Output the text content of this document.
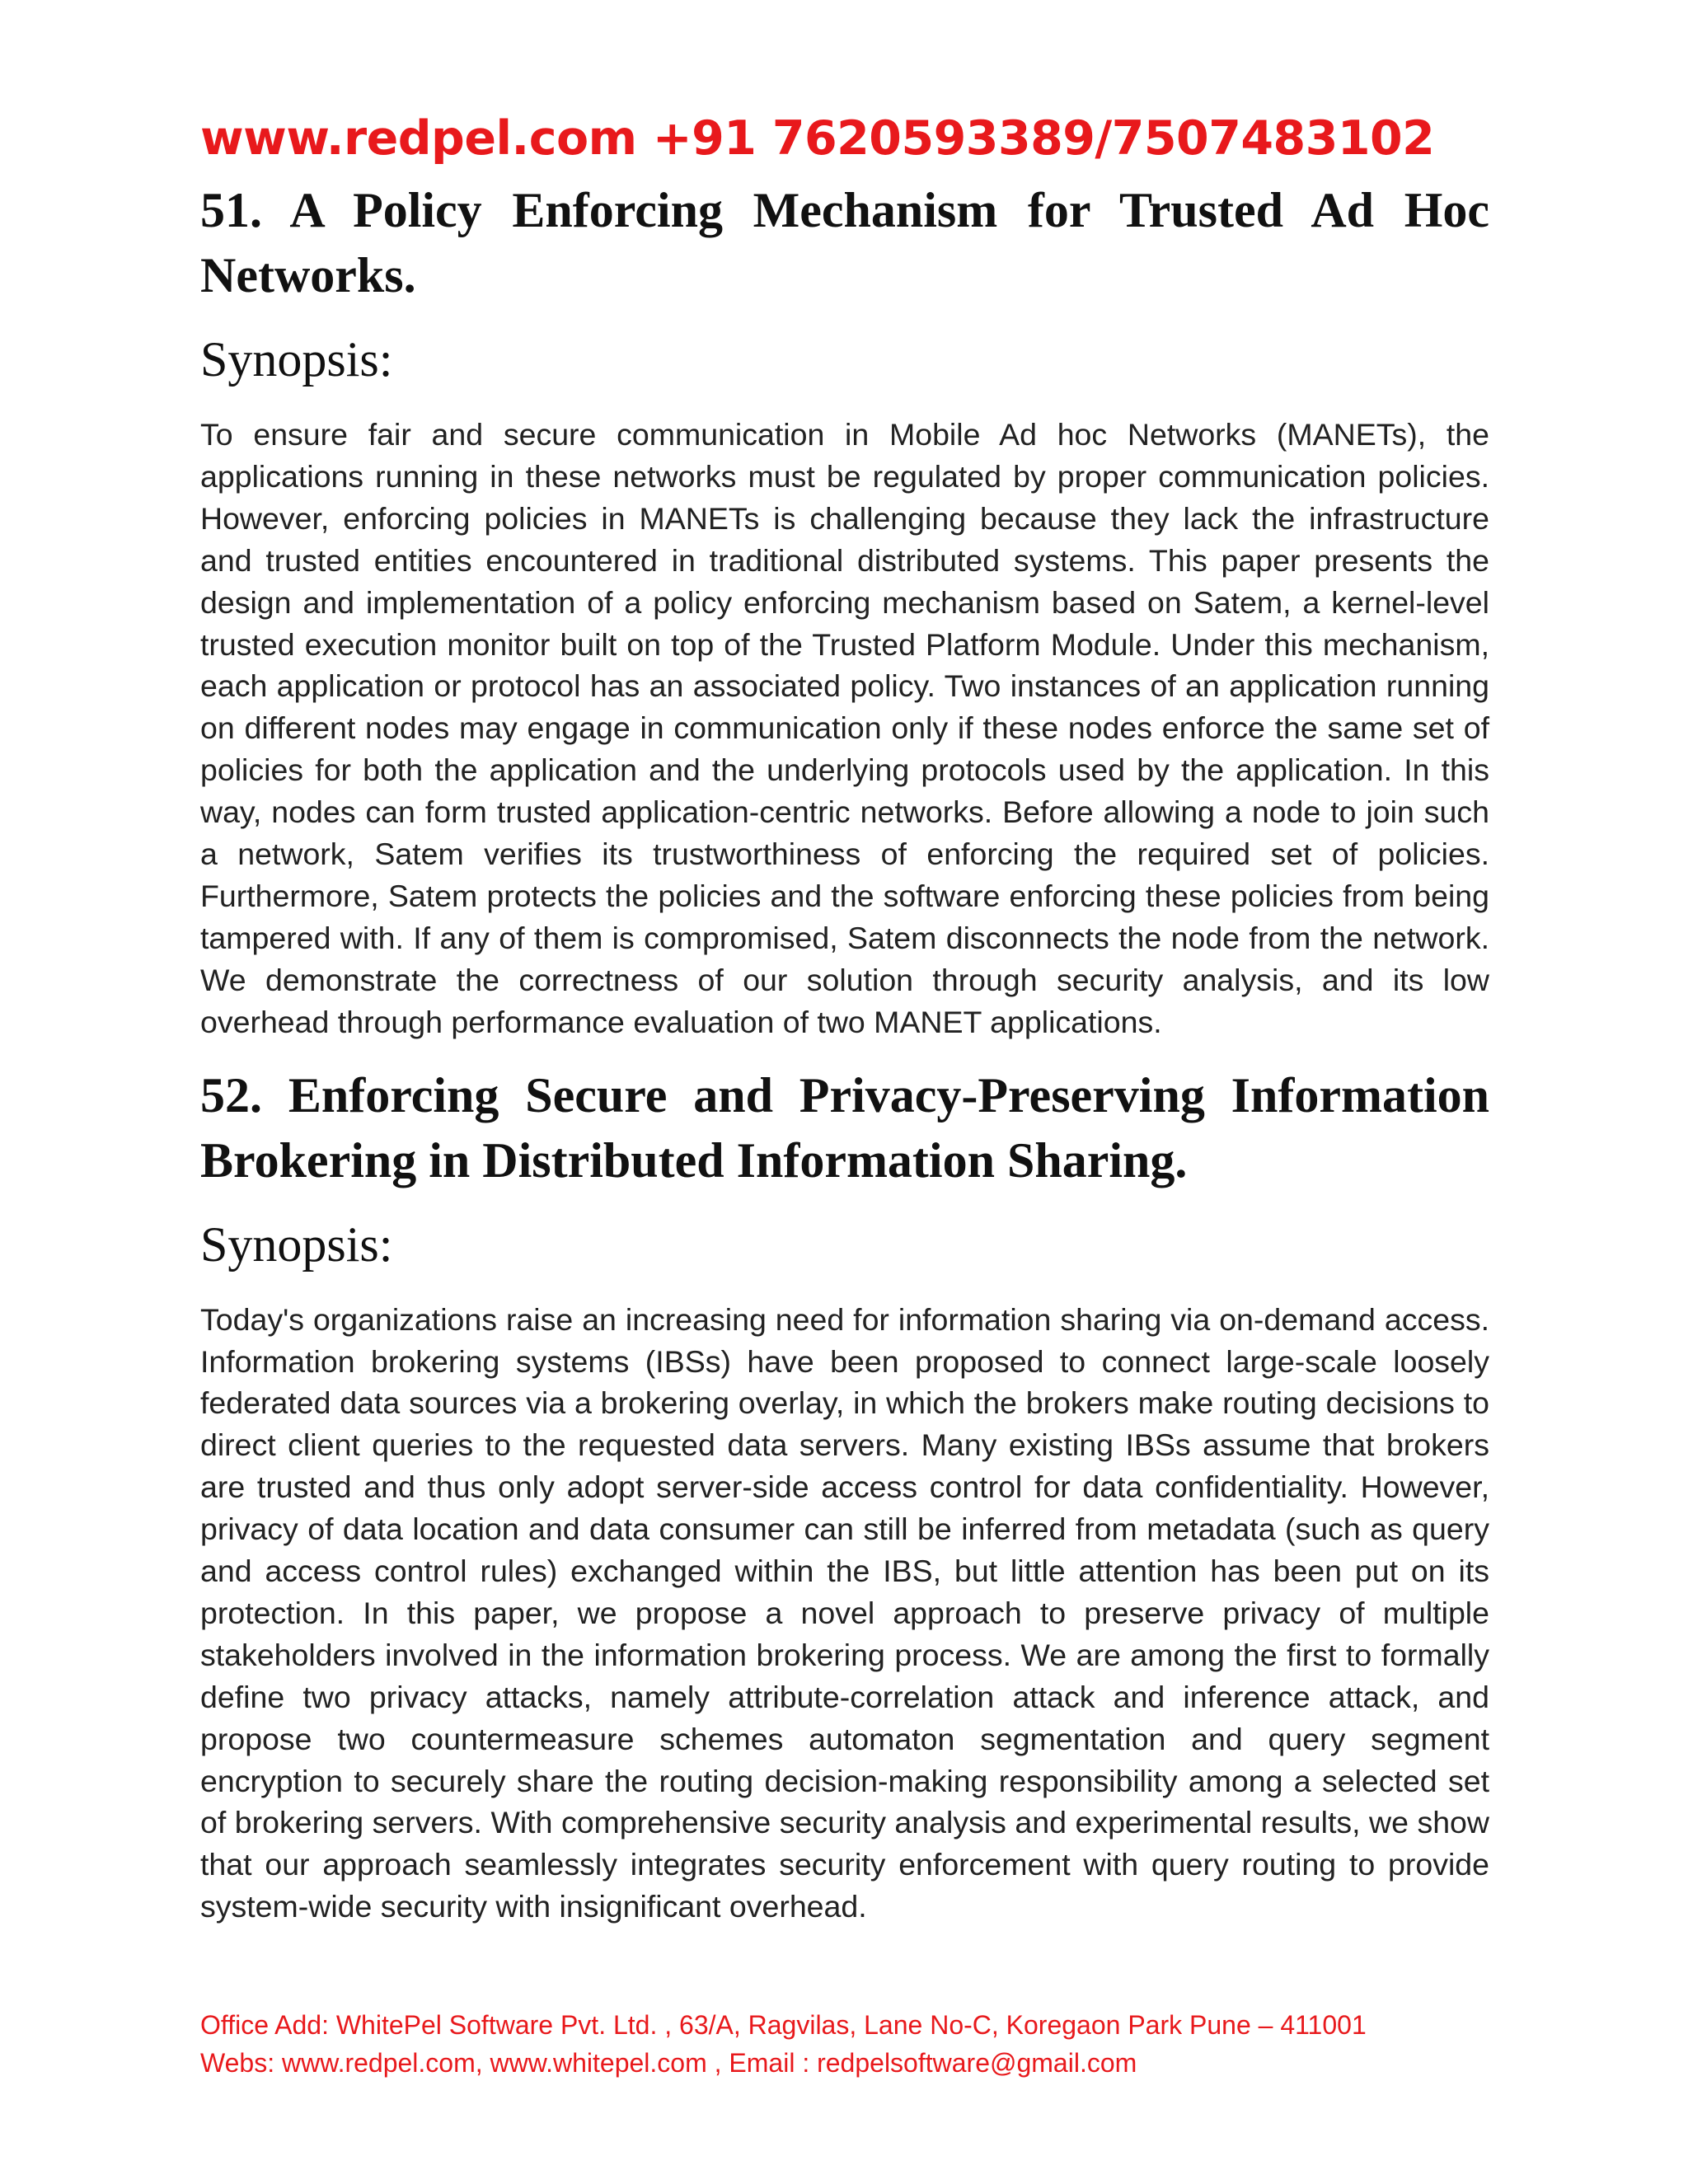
www.redpel.com +91 7620593389/7507483102

51. A Policy Enforcing Mechanism for Trusted Ad Hoc Networks.
Synopsis:

To ensure fair and secure communication in Mobile Ad hoc Networks (MANETs), the applications running in these networks must be regulated by proper communication policies. However, enforcing policies in MANETs is challenging because they lack the infrastructure and trusted entities encountered in traditional distributed systems. This paper presents the design and implementation of a policy enforcing mechanism based on Satem, a kernel-level trusted execution monitor built on top of the Trusted Platform Module. Under this mechanism, each application or protocol has an associated policy. Two instances of an application running on different nodes may engage in communication only if these nodes enforce the same set of policies for both the application and the underlying protocols used by the application. In this way, nodes can form trusted application-centric networks. Before allowing a node to join such a network, Satem verifies its trustworthiness of enforcing the required set of policies. Furthermore, Satem protects the policies and the software enforcing these policies from being tampered with. If any of them is compromised, Satem disconnects the node from the network. We demonstrate the correctness of our solution through security analysis, and its low overhead through performance evaluation of two MANET applications.

52. Enforcing Secure and Privacy-Preserving Information Brokering in Distributed Information Sharing.
Synopsis:

Today's organizations raise an increasing need for information sharing via on-demand access. Information brokering systems (IBSs) have been proposed to connect large-scale loosely federated data sources via a brokering overlay, in which the brokers make routing decisions to direct client queries to the requested data servers. Many existing IBSs assume that brokers are trusted and thus only adopt server-side access control for data confidentiality. However, privacy of data location and data consumer can still be inferred from metadata (such as query and access control rules) exchanged within the IBS, but little attention has been put on its protection. In this paper, we propose a novel approach to preserve privacy of multiple stakeholders involved in the information brokering process. We are among the first to formally define two privacy attacks, namely attribute-correlation attack and inference attack, and propose two countermeasure schemes automaton segmentation and query segment encryption to securely share the routing decision-making responsibility among a selected set of brokering servers. With comprehensive security analysis and experimental results, we show that our approach seamlessly integrates security enforcement with query routing to provide system-wide security with insignificant overhead.

Office Add: WhitePel Software Pvt. Ltd. , 63/A, Ragvilas, Lane No-C, Koregaon Park Pune – 411001

Webs: www.redpel.com, www.whitepel.com , Email : redpelsoftware@gmail.com
